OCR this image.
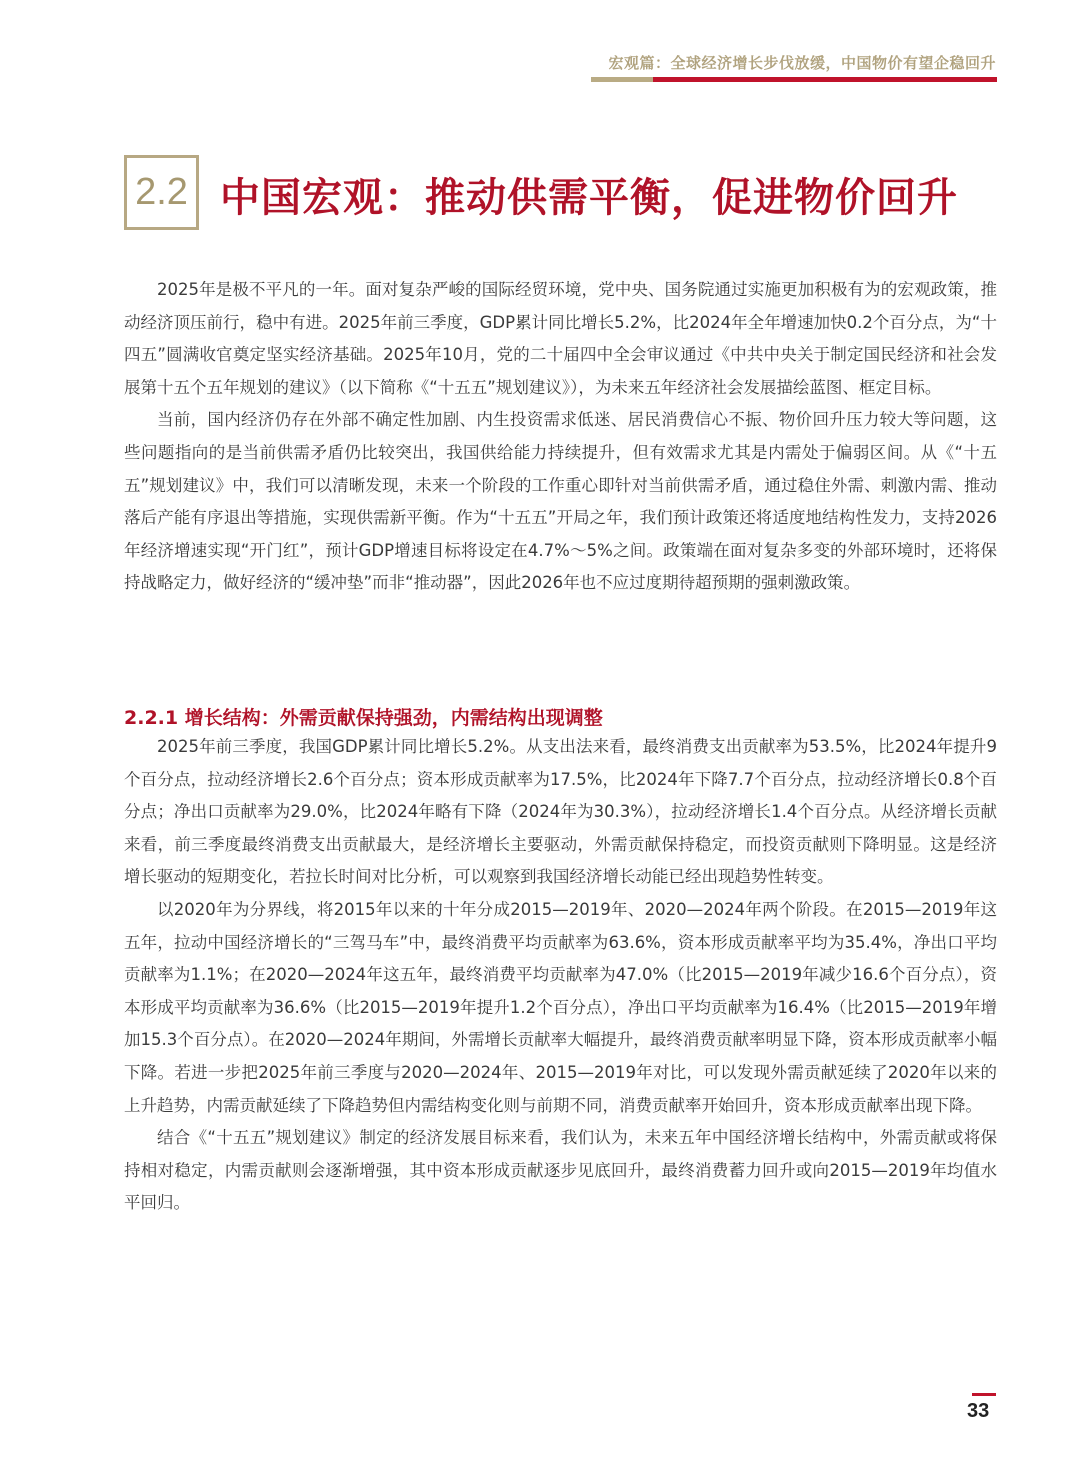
宏观篇：全球经济增长步伐放缓，中国物价有望企稳回升
2.2 中国宏观：推动供需平衡，促进物价回升

2025年是极不平凡的一年。面对复杂严峻的国际经贸环境，党中央、国务院通过实施更加积极有为的宏观政策，推动经济顶压前行，稳中有进。2025年前三季度，GDP累计同比增长5.2%，比2024年全年增速加快0.2个百分点，为“十四五”圆满收官奠定坚实经济基础。2025年10月，党的二十届四中全会审议通过《中共中央关于制定国民经济和社会发展第十五个五年规划的建议》（以下简称《“十五五”规划建议》），为未来五年经济社会发展描绘蓝图、框定目标。

当前，国内经济仍存在外部不确定性加剧、内生投资需求低迷、居民消费信心不振、物价回升压力较大等问题，这些问题指向的是当前供需矛盾仍比较突出，我国供给能力持续提升，但有效需求尤其是内需处于偏弱区间。从《“十五五”规划建议》中，我们可以清晰发现，未来一个阶段的工作重心即针对当前供需矛盾，通过稳住外需、刺激内需、推动落后产能有序退出等措施，实现供需新平衡。作为“十五五”开局之年，我们预计政策还将适度地结构性发力，支持2026年经济增速实现“开门红”，预计GDP增速目标将设定在4.7%～5%之间。政策端在面对复杂多变的外部环境时，还将保持战略定力，做好经济的“缓冲垫”而非“推动器”，因此2026年也不应过度期待超预期的强刺激政策。

2.2.1 增长结构：外需贡献保持强劲，内需结构出现调整

2025年前三季度，我国GDP累计同比增长5.2%。从支出法来看，最终消费支出贡献率为53.5%，比2024年提升9个百分点，拉动经济增长2.6个百分点；资本形成贡献率为17.5%，比2024年下降7.7个百分点，拉动经济增长0.8个百分点；净出口贡献率为29.0%，比2024年略有下降（2024年为30.3%），拉动经济增长1.4个百分点。从经济增长贡献来看，前三季度最终消费支出贡献最大，是经济增长主要驱动，外需贡献保持稳定，而投资贡献则下降明显。这是经济增长驱动的短期变化，若拉长时间对比分析，可以观察到我国经济增长动能已经出现趋势性转变。

以2020年为分界线，将2015年以来的十年分成2015—2019年、2020—2024年两个阶段。在2015—2019年这五年，拉动中国经济增长的“三驾马车”中，最终消费平均贡献率为63.6%，资本形成贡献率平均为35.4%，净出口平均贡献率为1.1%；在2020—2024年这五年，最终消费平均贡献率为47.0%（比2015—2019年减少16.6个百分点），资本形成平均贡献率为36.6%（比2015—2019年提升1.2个百分点），净出口平均贡献率为16.4%（比2015—2019年增加15.3个百分点）。在2020—2024年期间，外需增长贡献率大幅提升，最终消费贡献率明显下降，资本形成贡献率小幅下降。若进一步把2025年前三季度与2020—2024年、2015—2019年对比，可以发现外需贡献延续了2020年以来的上升趋势，内需贡献延续了下降趋势但内需结构变化则与前期不同，消费贡献率开始回升，资本形成贡献率出现下降。

结合《“十五五”规划建议》制定的经济发展目标来看，我们认为，未来五年中国经济增长结构中，外需贡献或将保持相对稳定，内需贡献则会逐渐增强，其中资本形成贡献逐步见底回升，最终消费蓄力回升或向2015—2019年均值水平回归。

33
